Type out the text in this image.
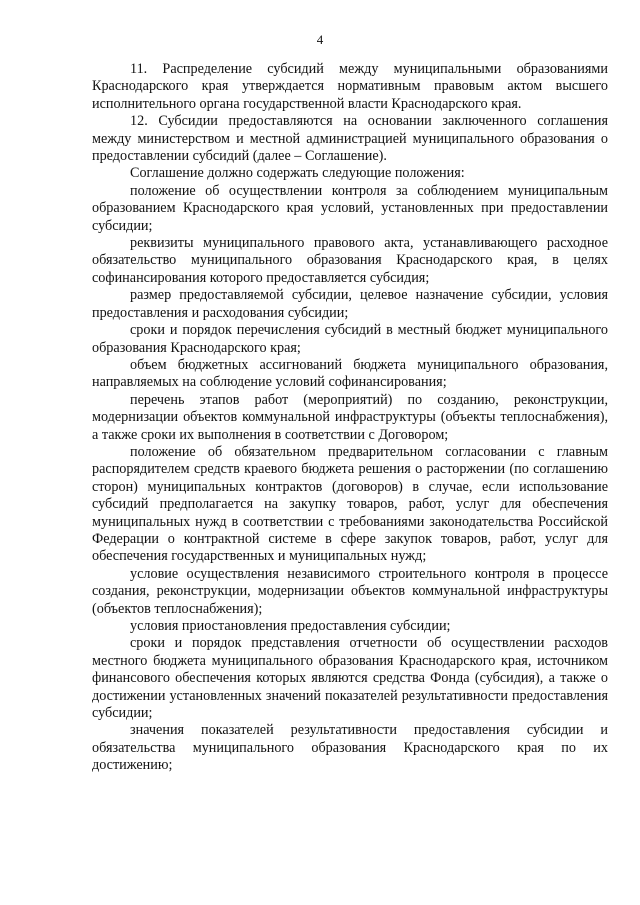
4

11. Распределение субсидий между муниципальными образованиями Краснодарского края утверждается нормативным правовым актом высшего исполнительного органа государственной власти Краснодарского края.

12. Субсидии предоставляются на основании заключенного соглашения между министерством и местной администрацией муниципального образования о предоставлении субсидий (далее – Соглашение).

Соглашение должно содержать следующие положения:

положение об осуществлении контроля за соблюдением муниципальным образованием Краснодарского края условий, установленных при предоставлении субсидии;

реквизиты муниципального правового акта, устанавливающего расходное обязательство муниципального образования Краснодарского края, в целях софинансирования которого предоставляется субсидия;

размер предоставляемой субсидии, целевое назначение субсидии, условия предоставления и расходования субсидии;

сроки и порядок перечисления субсидий в местный бюджет муниципального образования Краснодарского края;

объем бюджетных ассигнований бюджета муниципального образования, направляемых на соблюдение условий софинансирования;

перечень этапов работ (мероприятий) по созданию, реконструкции, модернизации объектов коммунальной инфраструктуры (объекты теплоснабжения), а также сроки их выполнения в соответствии с Договором;

положение об обязательном предварительном согласовании с главным распорядителем средств краевого бюджета решения о расторжении (по соглашению сторон) муниципальных контрактов (договоров) в случае, если использование субсидий предполагается на закупку товаров, работ, услуг для обеспечения муниципальных нужд в соответствии с требованиями законодательства Российской Федерации о контрактной системе в сфере закупок товаров, работ, услуг для обеспечения государственных и муниципальных нужд;

условие осуществления независимого строительного контроля в процессе создания, реконструкции, модернизации объектов коммунальной инфраструктуры (объектов теплоснабжения);

условия приостановления предоставления субсидии;

сроки и порядок представления отчетности об осуществлении расходов местного бюджета муниципального образования Краснодарского края, источником финансового обеспечения которых являются средства Фонда (субсидия), а также о достижении установленных значений показателей результативности предоставления субсидии;

значения показателей результативности предоставления субсидии и обязательства муниципального образования Краснодарского края по их достижению;
